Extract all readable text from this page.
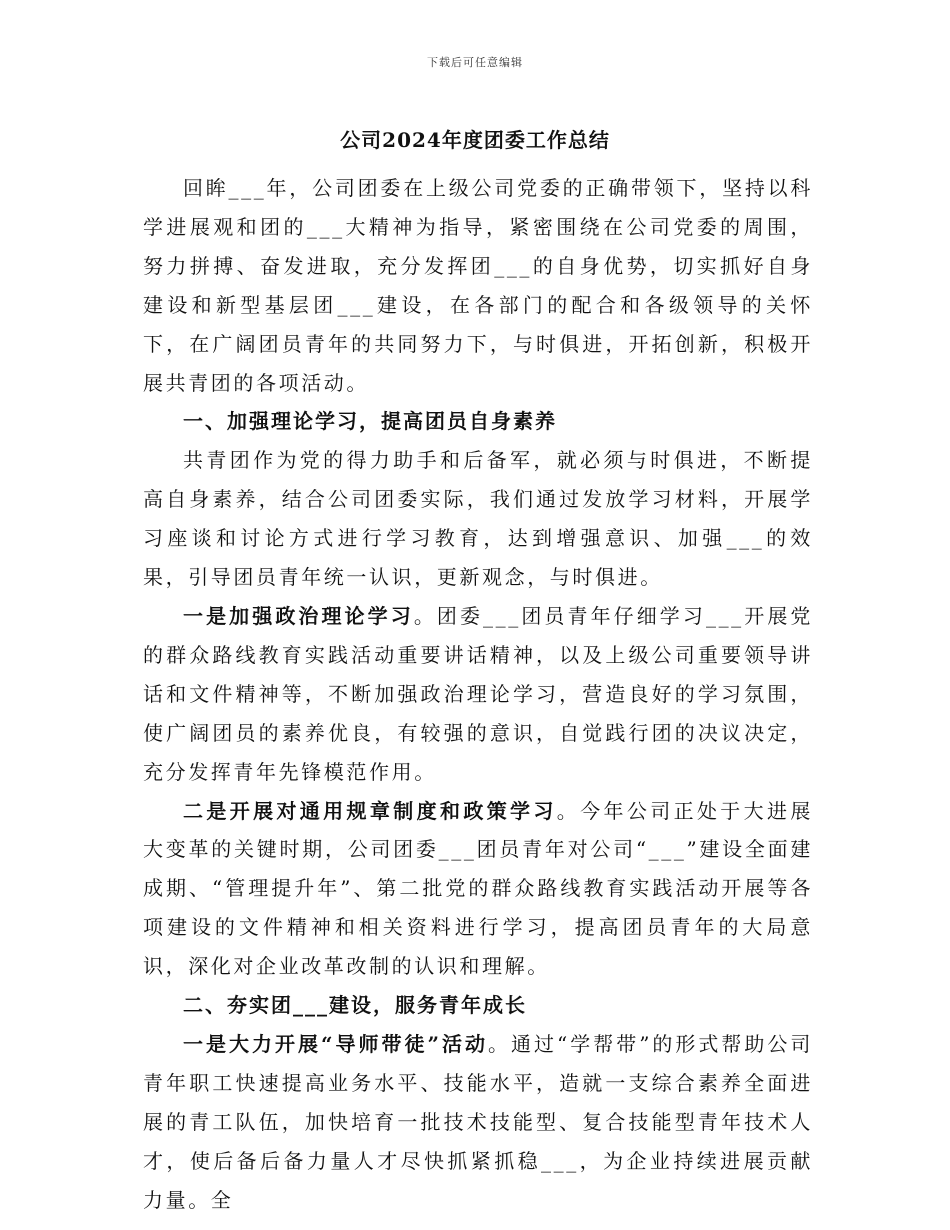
下载后可任意编辑
公司2024年度团委工作总结

回眸___年，公司团委在上级公司党委的正确带领下，坚持以科学进展观和团的___大精神为指导，紧密围绕在公司党委的周围，努力拼搏、奋发进取，充分发挥团___的自身优势，切实抓好自身建设和新型基层团___建设，在各部门的配合和各级领导的关怀下，在广阔团员青年的共同努力下，与时俱进，开拓创新，积极开展共青团的各项活动。

一、加强理论学习，提高团员自身素养

共青团作为党的得力助手和后备军，就必须与时俱进，不断提高自身素养，结合公司团委实际，我们通过发放学习材料，开展学习座谈和讨论方式进行学习教育，达到增强意识、加强___的效果，引导团员青年统一认识，更新观念，与时俱进。

一是加强政治理论学习。团委___团员青年仔细学习___开展党的群众路线教育实践活动重要讲话精神，以及上级公司重要领导讲话和文件精神等，不断加强政治理论学习，营造良好的学习氛围，使广阔团员的素养优良，有较强的意识，自觉践行团的决议决定，充分发挥青年先锋模范作用。

二是开展对通用规章制度和政策学习。今年公司正处于大进展大变革的关键时期，公司团委___团员青年对公司“___”建设全面建成期、“管理提升年”、第二批党的群众路线教育实践活动开展等各项建设的文件精神和相关资料进行学习，提高团员青年的大局意识，深化对企业改革改制的认识和理解。

二、夯实团___建设，服务青年成长

一是大力开展“导师带徒”活动。通过“学帮带”的形式帮助公司青年职工快速提高业务水平、技能水平，造就一支综合素养全面进展的青工队伍，加快培育一批技术技能型、复合技能型青年技术人才，使后备后备力量人才尽快抓紧抓稳___，为企业持续进展贡献力量。全
